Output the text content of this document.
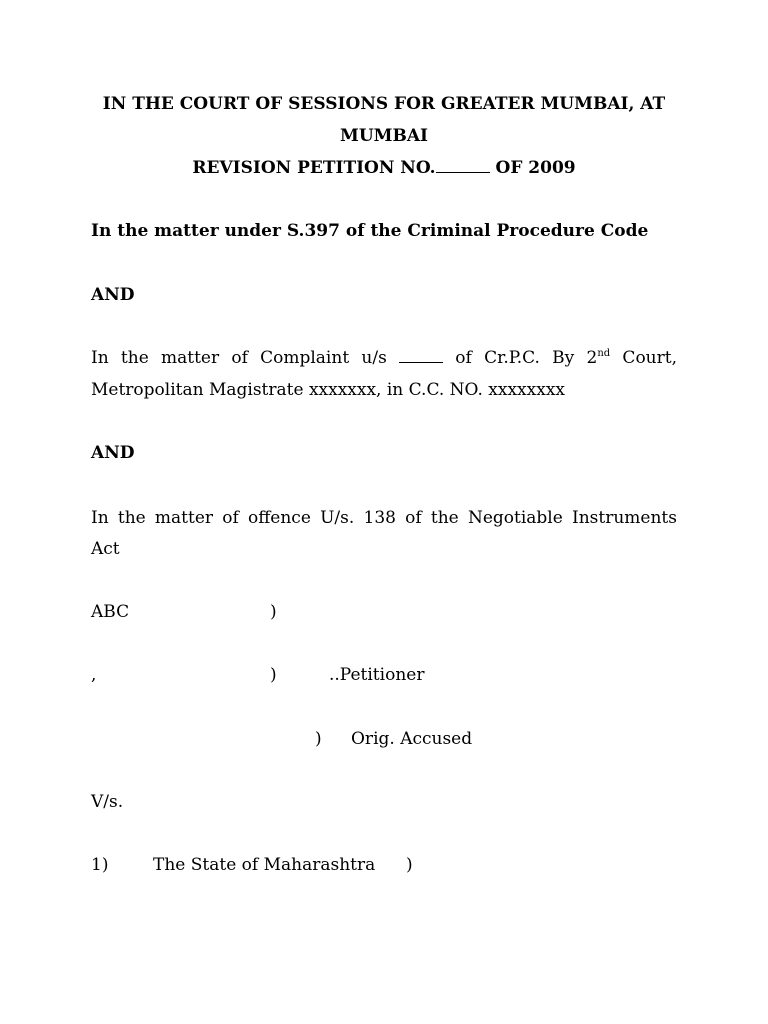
IN THE COURT OF SESSIONS FOR GREATER MUMBAI, AT
MUMBAI
REVISION PETITION NO.	OF 2009
In the matter under S.397 of the Criminal Procedure Code
AND
In the matter of Complaint u/s	of Cr.P.C. By 2nd Court,
Metropolitan Magistrate xxxxxxx, in C.C. NO. xxxxxxxx
AND
In the matter of offence U/s. 138 of the Negotiable Instruments
Act
ABC	)
,	)	..Petitioner
) Orig. Accused
V/s.
1)	The State of Maharashtra )
